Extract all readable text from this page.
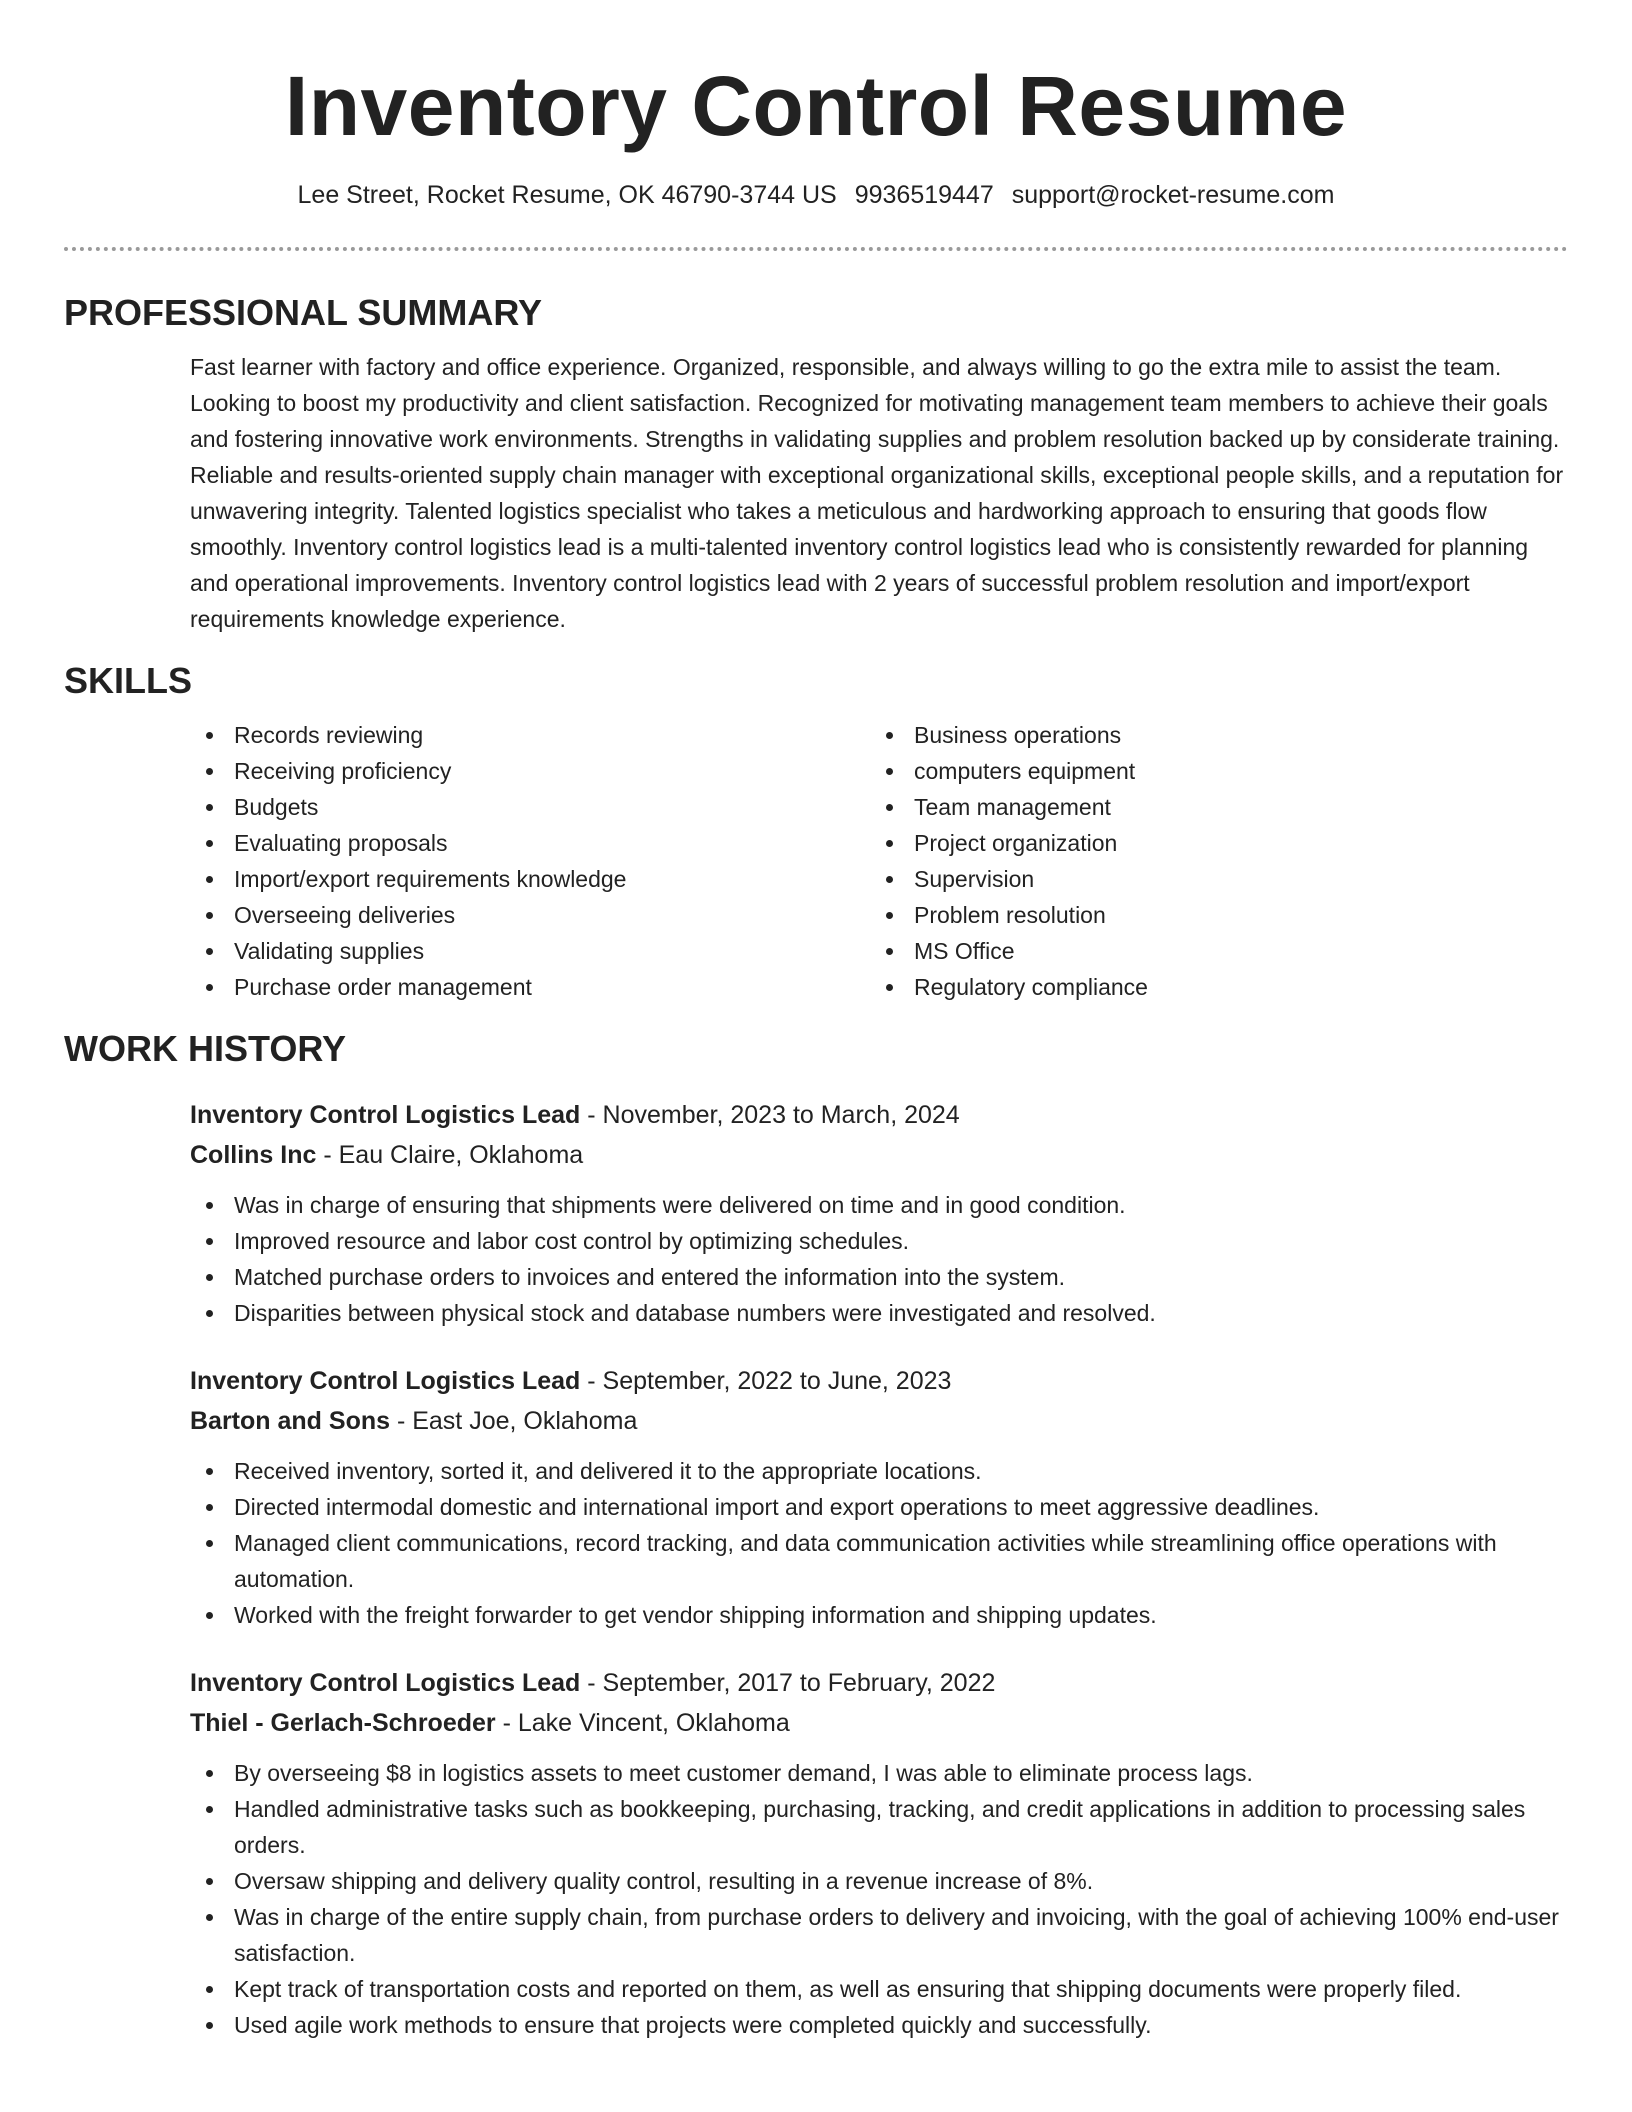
Inventory Control Resume
Lee Street, Rocket Resume, OK 46790-3744 US 9936519447 support@rocket-resume.com
PROFESSIONAL SUMMARY

Fast learner with factory and office experience. Organized, responsible, and always willing to go the extra mile to assist the team. Looking to boost my productivity and client satisfaction. Recognized for motivating management team members to achieve their goals and fostering innovative work environments. Strengths in validating supplies and problem resolution backed up by considerate training. Reliable and results-oriented supply chain manager with exceptional organizational skills, exceptional people skills, and a reputation for unwavering integrity. Talented logistics specialist who takes a meticulous and hardworking approach to ensuring that goods flow smoothly. Inventory control logistics lead is a multi-talented inventory control logistics lead who is consistently rewarded for planning and operational improvements. Inventory control logistics lead with 2 years of successful problem resolution and import/export requirements knowledge experience.

SKILLS
Records reviewing
Receiving proficiency
Budgets
Evaluating proposals
Import/export requirements knowledge
Overseeing deliveries
Validating supplies
Purchase order management
Business operations
computers equipment
Team management
Project organization
Supervision
Problem resolution
MS Office
Regulatory compliance
WORK HISTORY
Inventory Control Logistics Lead - November, 2023 to March, 2024
Collins Inc - Eau Claire, Oklahoma
Was in charge of ensuring that shipments were delivered on time and in good condition.
Improved resource and labor cost control by optimizing schedules.
Matched purchase orders to invoices and entered the information into the system.
Disparities between physical stock and database numbers were investigated and resolved.
Inventory Control Logistics Lead - September, 2022 to June, 2023
Barton and Sons - East Joe, Oklahoma
Received inventory, sorted it, and delivered it to the appropriate locations.
Directed intermodal domestic and international import and export operations to meet aggressive deadlines.
Managed client communications, record tracking, and data communication activities while streamlining office operations with automation.
Worked with the freight forwarder to get vendor shipping information and shipping updates.
Inventory Control Logistics Lead - September, 2017 to February, 2022
Thiel - Gerlach-Schroeder - Lake Vincent, Oklahoma
By overseeing $8 in logistics assets to meet customer demand, I was able to eliminate process lags.
Handled administrative tasks such as bookkeeping, purchasing, tracking, and credit applications in addition to processing sales orders.
Oversaw shipping and delivery quality control, resulting in a revenue increase of 8%.
Was in charge of the entire supply chain, from purchase orders to delivery and invoicing, with the goal of achieving 100% end-user satisfaction.
Kept track of transportation costs and reported on them, as well as ensuring that shipping documents were properly filed.
Used agile work methods to ensure that projects were completed quickly and successfully.
